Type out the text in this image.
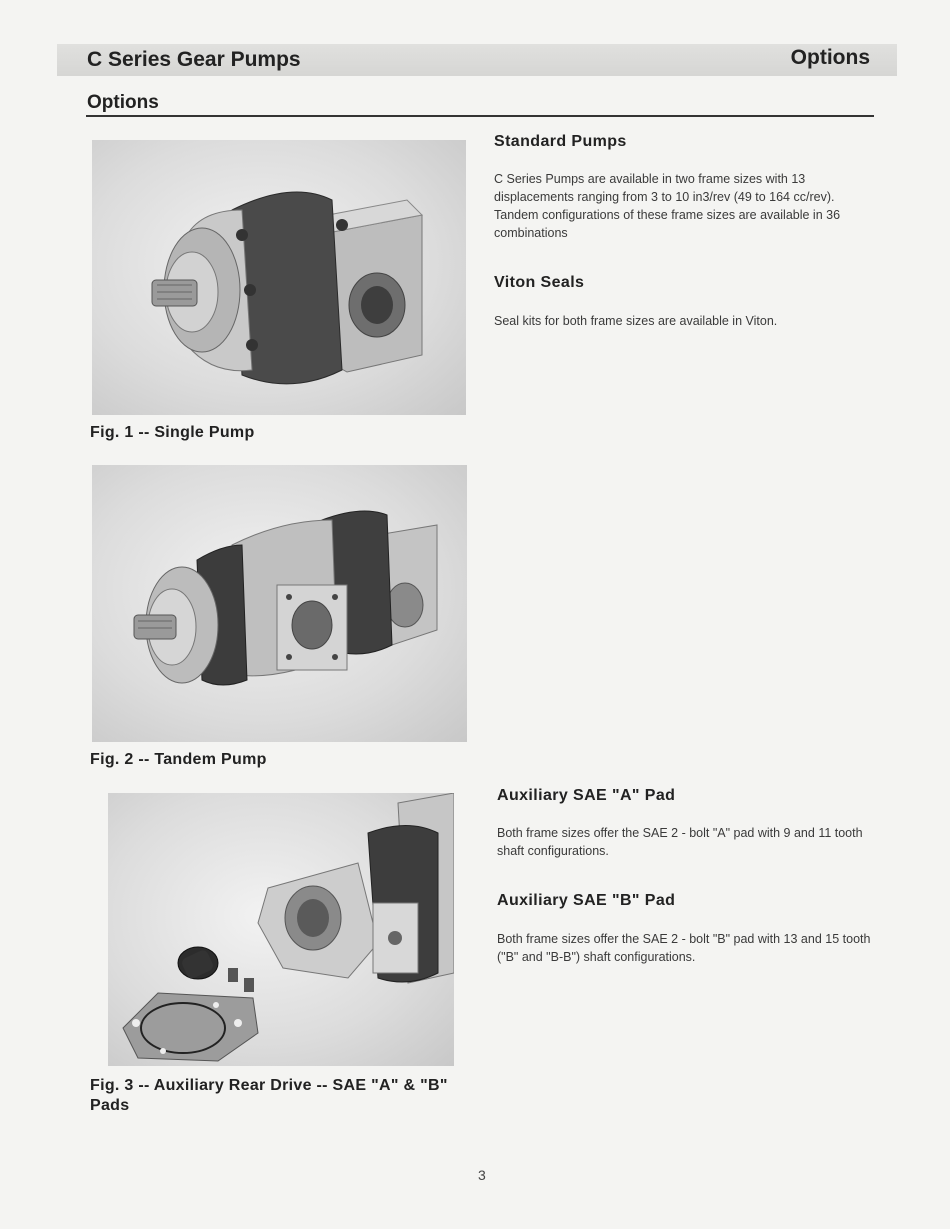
C Series Gear Pumps	Options
Options
Fig. 1 -- Single Pump
Fig. 2 -- Tandem Pump
Fig. 3 -- Auxiliary Rear Drive -- SAE "A" & "B" Pads
Standard Pumps
C Series Pumps are available in two frame sizes with 13 displacements ranging from 3 to 10 in3/rev (49 to 164 cc/rev). Tandem configurations of these frame sizes are available in 36 combinations
Viton Seals
Seal kits for both frame sizes are available in Viton.
Auxiliary SAE "A" Pad
Both frame sizes offer the SAE 2 - bolt "A" pad with 9 and 11 tooth shaft configurations.
Auxiliary SAE "B" Pad
Both frame sizes offer the SAE 2 - bolt "B" pad with 13 and 15 tooth ("B" and "B-B") shaft configurations.
3
